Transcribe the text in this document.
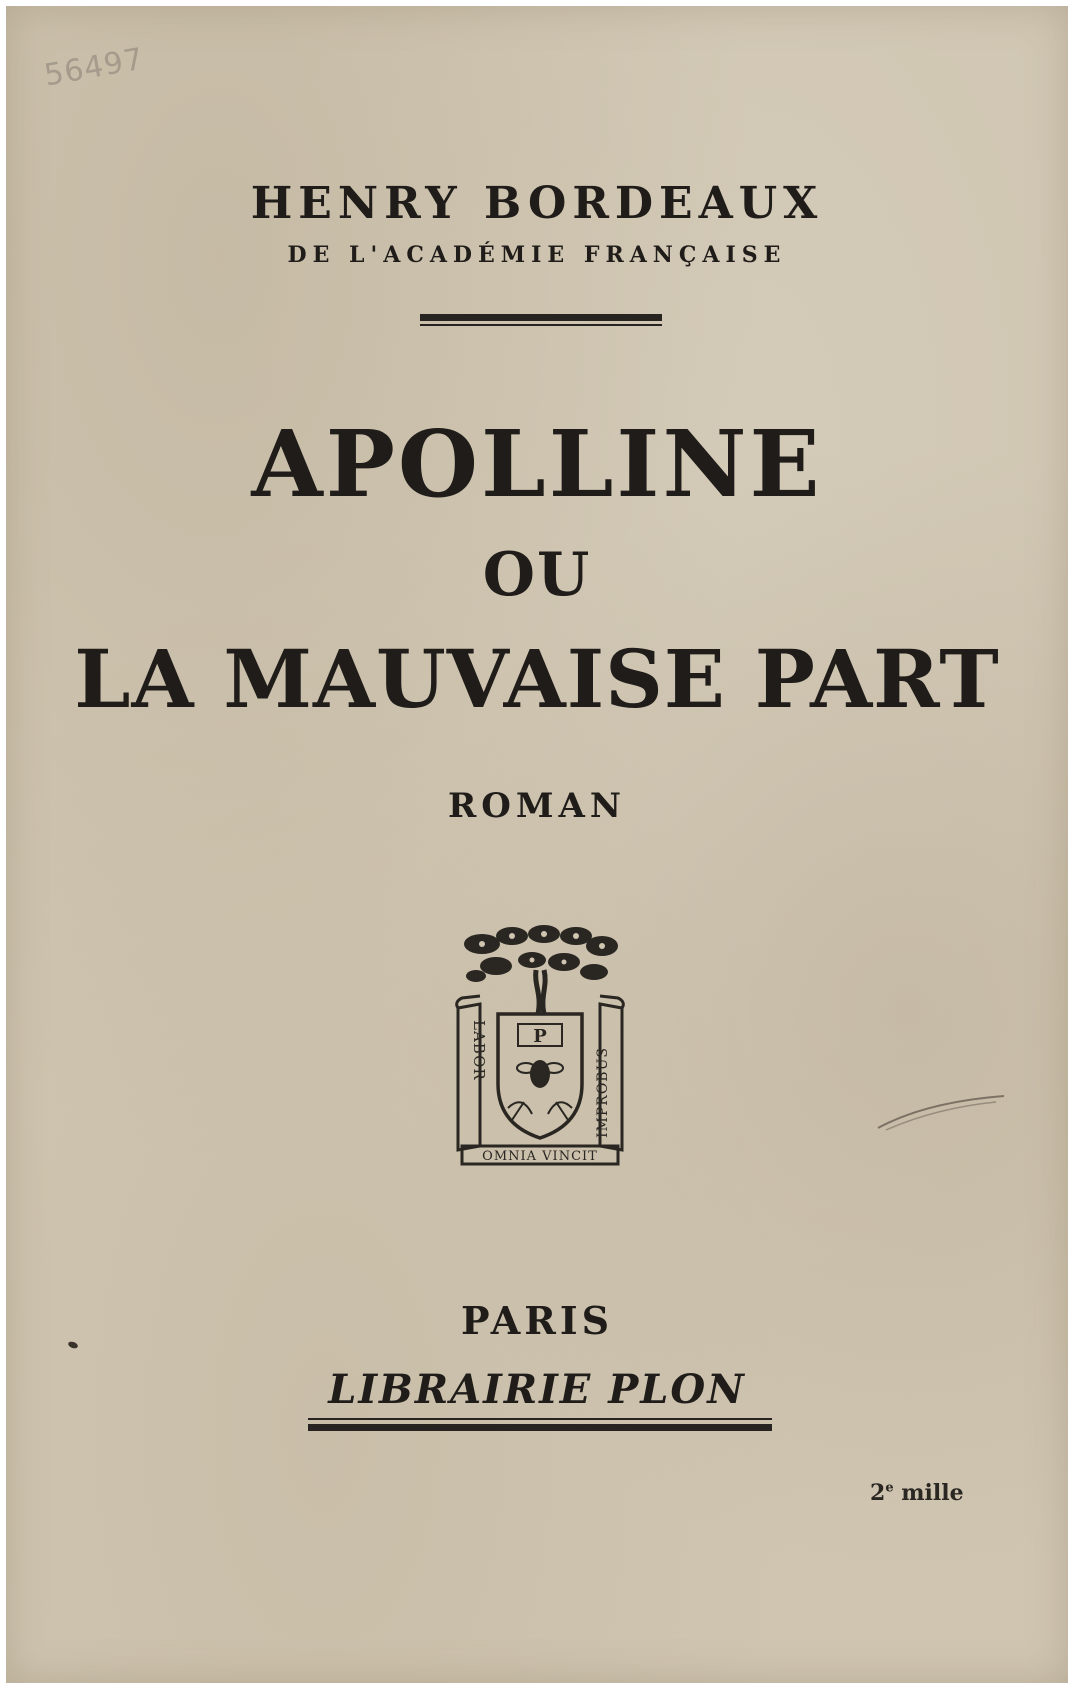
56497
HENRY BORDEAUX
DE L'ACADÉMIE FRANÇAISE
APOLLINE
OU
LA MAUVAISE PART
ROMAN
LABOR	IMPROBUS
P
OMNIA VINCIT
PARIS
LIBRAIRIE PLON
2e mille
